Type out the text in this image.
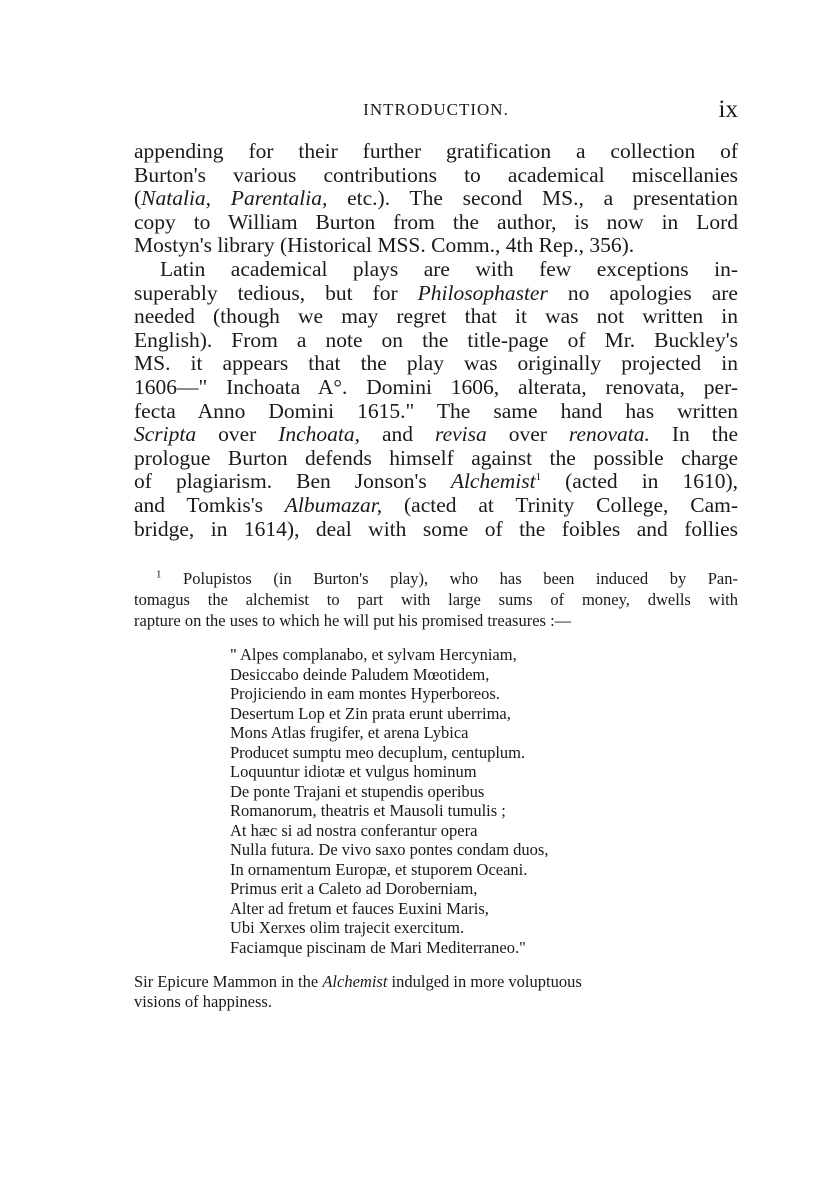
INTRODUCTION.	ix
appending for their further gratification a collection of
Burton's various contributions to academical miscellanies
(Natalia, Parentalia, etc.). The second MS., a presentation
copy to William Burton from the author, is now in Lord
Mostyn's library (Historical MSS. Comm., 4th Rep., 356).
Latin academical plays are with few exceptions in-
superably tedious, but for Philosophaster no apologies are
needed (though we may regret that it was not written in
English). From a note on the title-page of Mr. Buckley's
MS. it appears that the play was originally projected in
1606—" Inchoata A°. Domini 1606, alterata, renovata, per-
fecta Anno Domini 1615." The same hand has written
Scripta over Inchoata, and revisa over renovata. In the
prologue Burton defends himself against the possible charge
of plagiarism. Ben Jonson's Alchemist$^1$ (acted in 1610),
and Tomkis's Albumazar, (acted at Trinity College, Cam-
bridge, in 1614), deal with some of the foibles and follies
$^1$ Polupistos (in Burton's play), who has been induced by Pan-
tomagus the alchemist to part with large sums of money, dwells with
rapture on the uses to which he will put his promised treasures :—
" Alpes complanabo, et sylvam Hercyniam,
Desiccabo deinde Paludem Mœotidem,
Projiciendo in eam montes Hyperboreos.
Desertum Lop et Zin prata erunt uberrima,
Mons Atlas frugifer, et arena Lybica
Producet sumptu meo decuplum, centuplum.
Loquuntur idiotæ et vulgus hominum
De ponte Trajani et stupendis operibus
Romanorum, theatris et Mausoli tumulis ;
At hæc si ad nostra conferantur opera
Nulla futura. De vivo saxo pontes condam duos,
In ornamentum Europæ, et stuporem Oceani.
Primus erit a Caleto ad Doroberniam,
Alter ad fretum et fauces Euxini Maris,
Ubi Xerxes olim trajecit exercitum.
Faciamque piscinam de Mari Mediterraneo."
Sir Epicure Mammon in the Alchemist indulged in more voluptuous
visions of happiness.
